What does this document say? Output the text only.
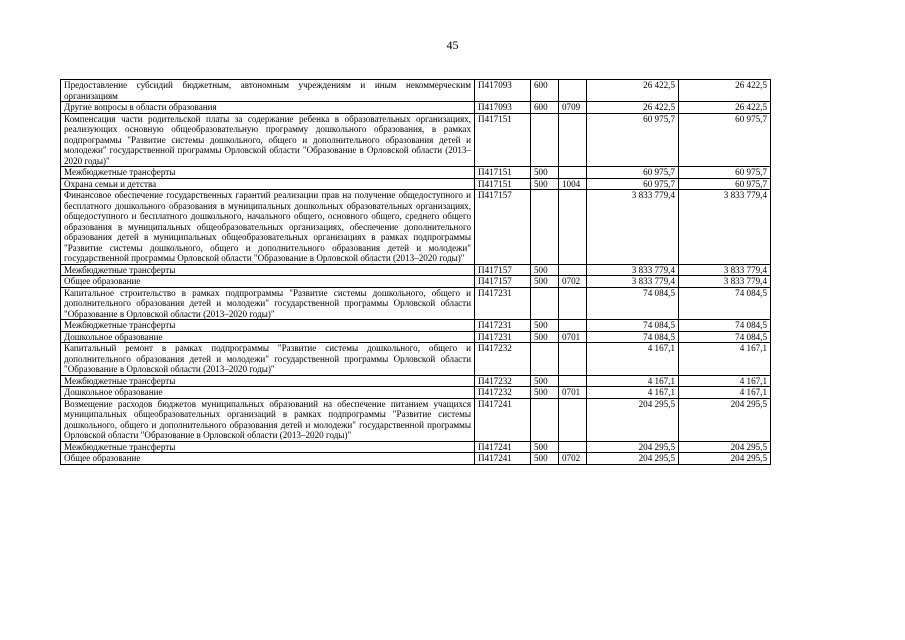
45
Предоставление субсидий бюджетным, автономным учреждениям и иным некоммерческим организациям	П417093	600		26 422,5	26 422,5
Другие вопросы в области образования	П417093	600	0709	26 422,5	26 422,5
Компенсация части родительской платы за содержание ребенка в образовательных организациях, реализующих основную общеобразовательную программу дошкольного образования, в рамках подпрограммы "Развитие системы дошкольного, общего и дополнительного образования детей и молодежи" государственной программы Орловской области "Образование в Орловской области (2013–2020 годы)"	П417151			60 975,7	60 975,7
Межбюджетные трансферты	П417151	500		60 975,7	60 975,7
Охрана семьи и детства	П417151	500	1004	60 975,7	60 975,7
Финансовое обеспечение государственных гарантий реализации прав на получение общедоступного и бесплатного дошкольного образования в муниципальных дошкольных образовательных организациях, общедоступного и бесплатного дошкольного, начального общего, основного общего, среднего общего образования в муниципальных общеобразовательных организациях, обеспечение дополнительного образования детей в муниципальных общеобразовательных организациях в рамках подпрограммы "Развитие системы дошкольного, общего и дополнительного образования детей и молодежи" государственной программы Орловской области "Образование в Орловской области (2013–2020 годы)"	П417157			3 833 779,4	3 833 779,4
Межбюджетные трансферты	П417157	500		3 833 779,4	3 833 779,4
Общее образование	П417157	500	0702	3 833 779,4	3 833 779,4
Капитальное строительство в рамках подпрограммы "Развитие системы дошкольного, общего и дополнительного образования детей и молодежи" государственной программы Орловской области "Образование в Орловской области (2013–2020 годы)"	П417231			74 084,5	74 084,5
Межбюджетные трансферты	П417231	500		74 084,5	74 084,5
Дошкольное образование	П417231	500	0701	74 084,5	74 084,5
Капитальный ремонт в рамках подпрограммы "Развитие системы дошкольного, общего и дополнительного образования детей и молодежи" государственной программы Орловской области "Образование в Орловской области (2013–2020 годы)"	П417232			4 167,1	4 167,1
Межбюджетные трансферты	П417232	500		4 167,1	4 167,1
Дошкольное образование	П417232	500	0701	4 167,1	4 167,1
Возмещение расходов бюджетов муниципальных образований на обеспечение питанием учащихся муниципальных общеобразовательных организаций в рамках подпрограммы "Развитие системы дошкольного, общего и дополнительного образования детей и молодежи" государственной программы Орловской области "Образование в Орловской области (2013–2020 годы)"	П417241			204 295,5	204 295,5
Межбюджетные трансферты	П417241	500		204 295,5	204 295,5
Общее образование	П417241	500	0702	204 295,5	204 295,5
